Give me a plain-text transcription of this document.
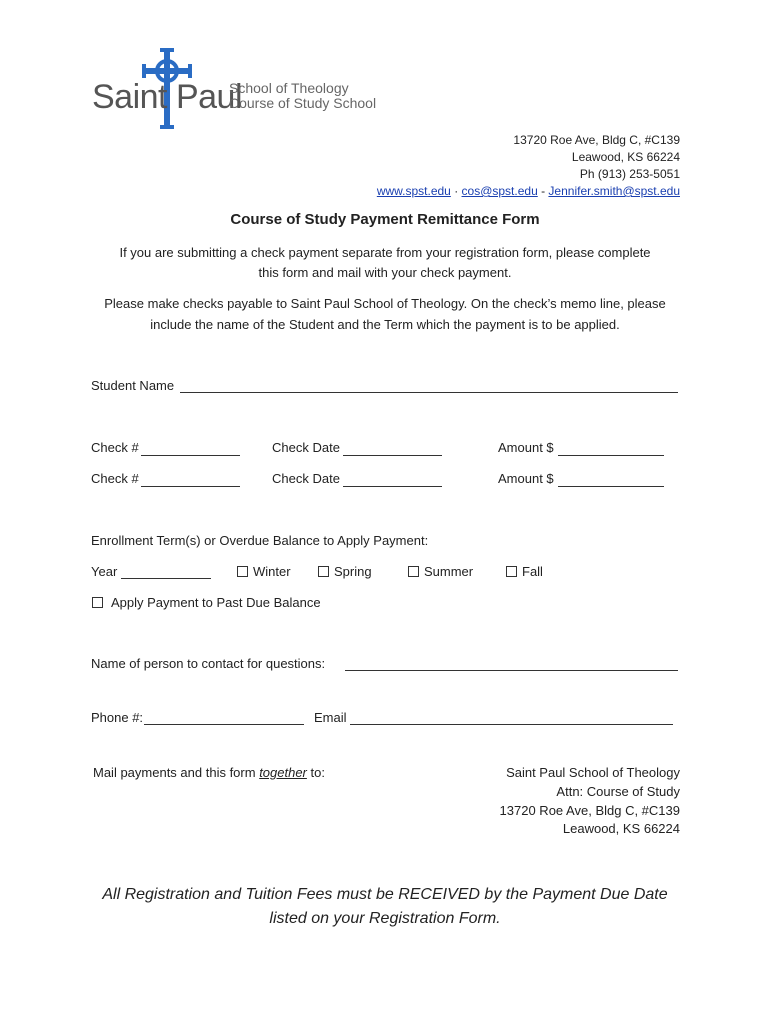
Saint Paul
School of Theology
Course of Study School
13720 Roe Ave, Bldg C, #C139
Leawood, KS 66224
Ph (913) 253-5051
www.spst.edu · cos@spst.edu - Jennifer.smith@spst.edu
Course of Study Payment Remittance Form
If you are submitting a check payment separate from your registration form, please complete
this form and mail with your check payment.
Please make checks payable to Saint Paul School of Theology. On the check’s memo line, please
include the name of the Student and the Term which the payment is to be applied.
Student Name
Check #	Check Date	Amount $
Check #	Check Date	Amount $
Enrollment Term(s) or Overdue Balance to Apply Payment:
Year	Winter	Spring	Summer	Fall
Apply Payment to Past Due Balance
Name of person to contact for questions:
Phone #:	Email
Mail payments and this form together to:	Saint Paul School of Theology
Attn: Course of Study
13720 Roe Ave, Bldg C, #C139
Leawood, KS 66224
All Registration and Tuition Fees must be RECEIVED by the Payment Due Date
listed on your Registration Form.
